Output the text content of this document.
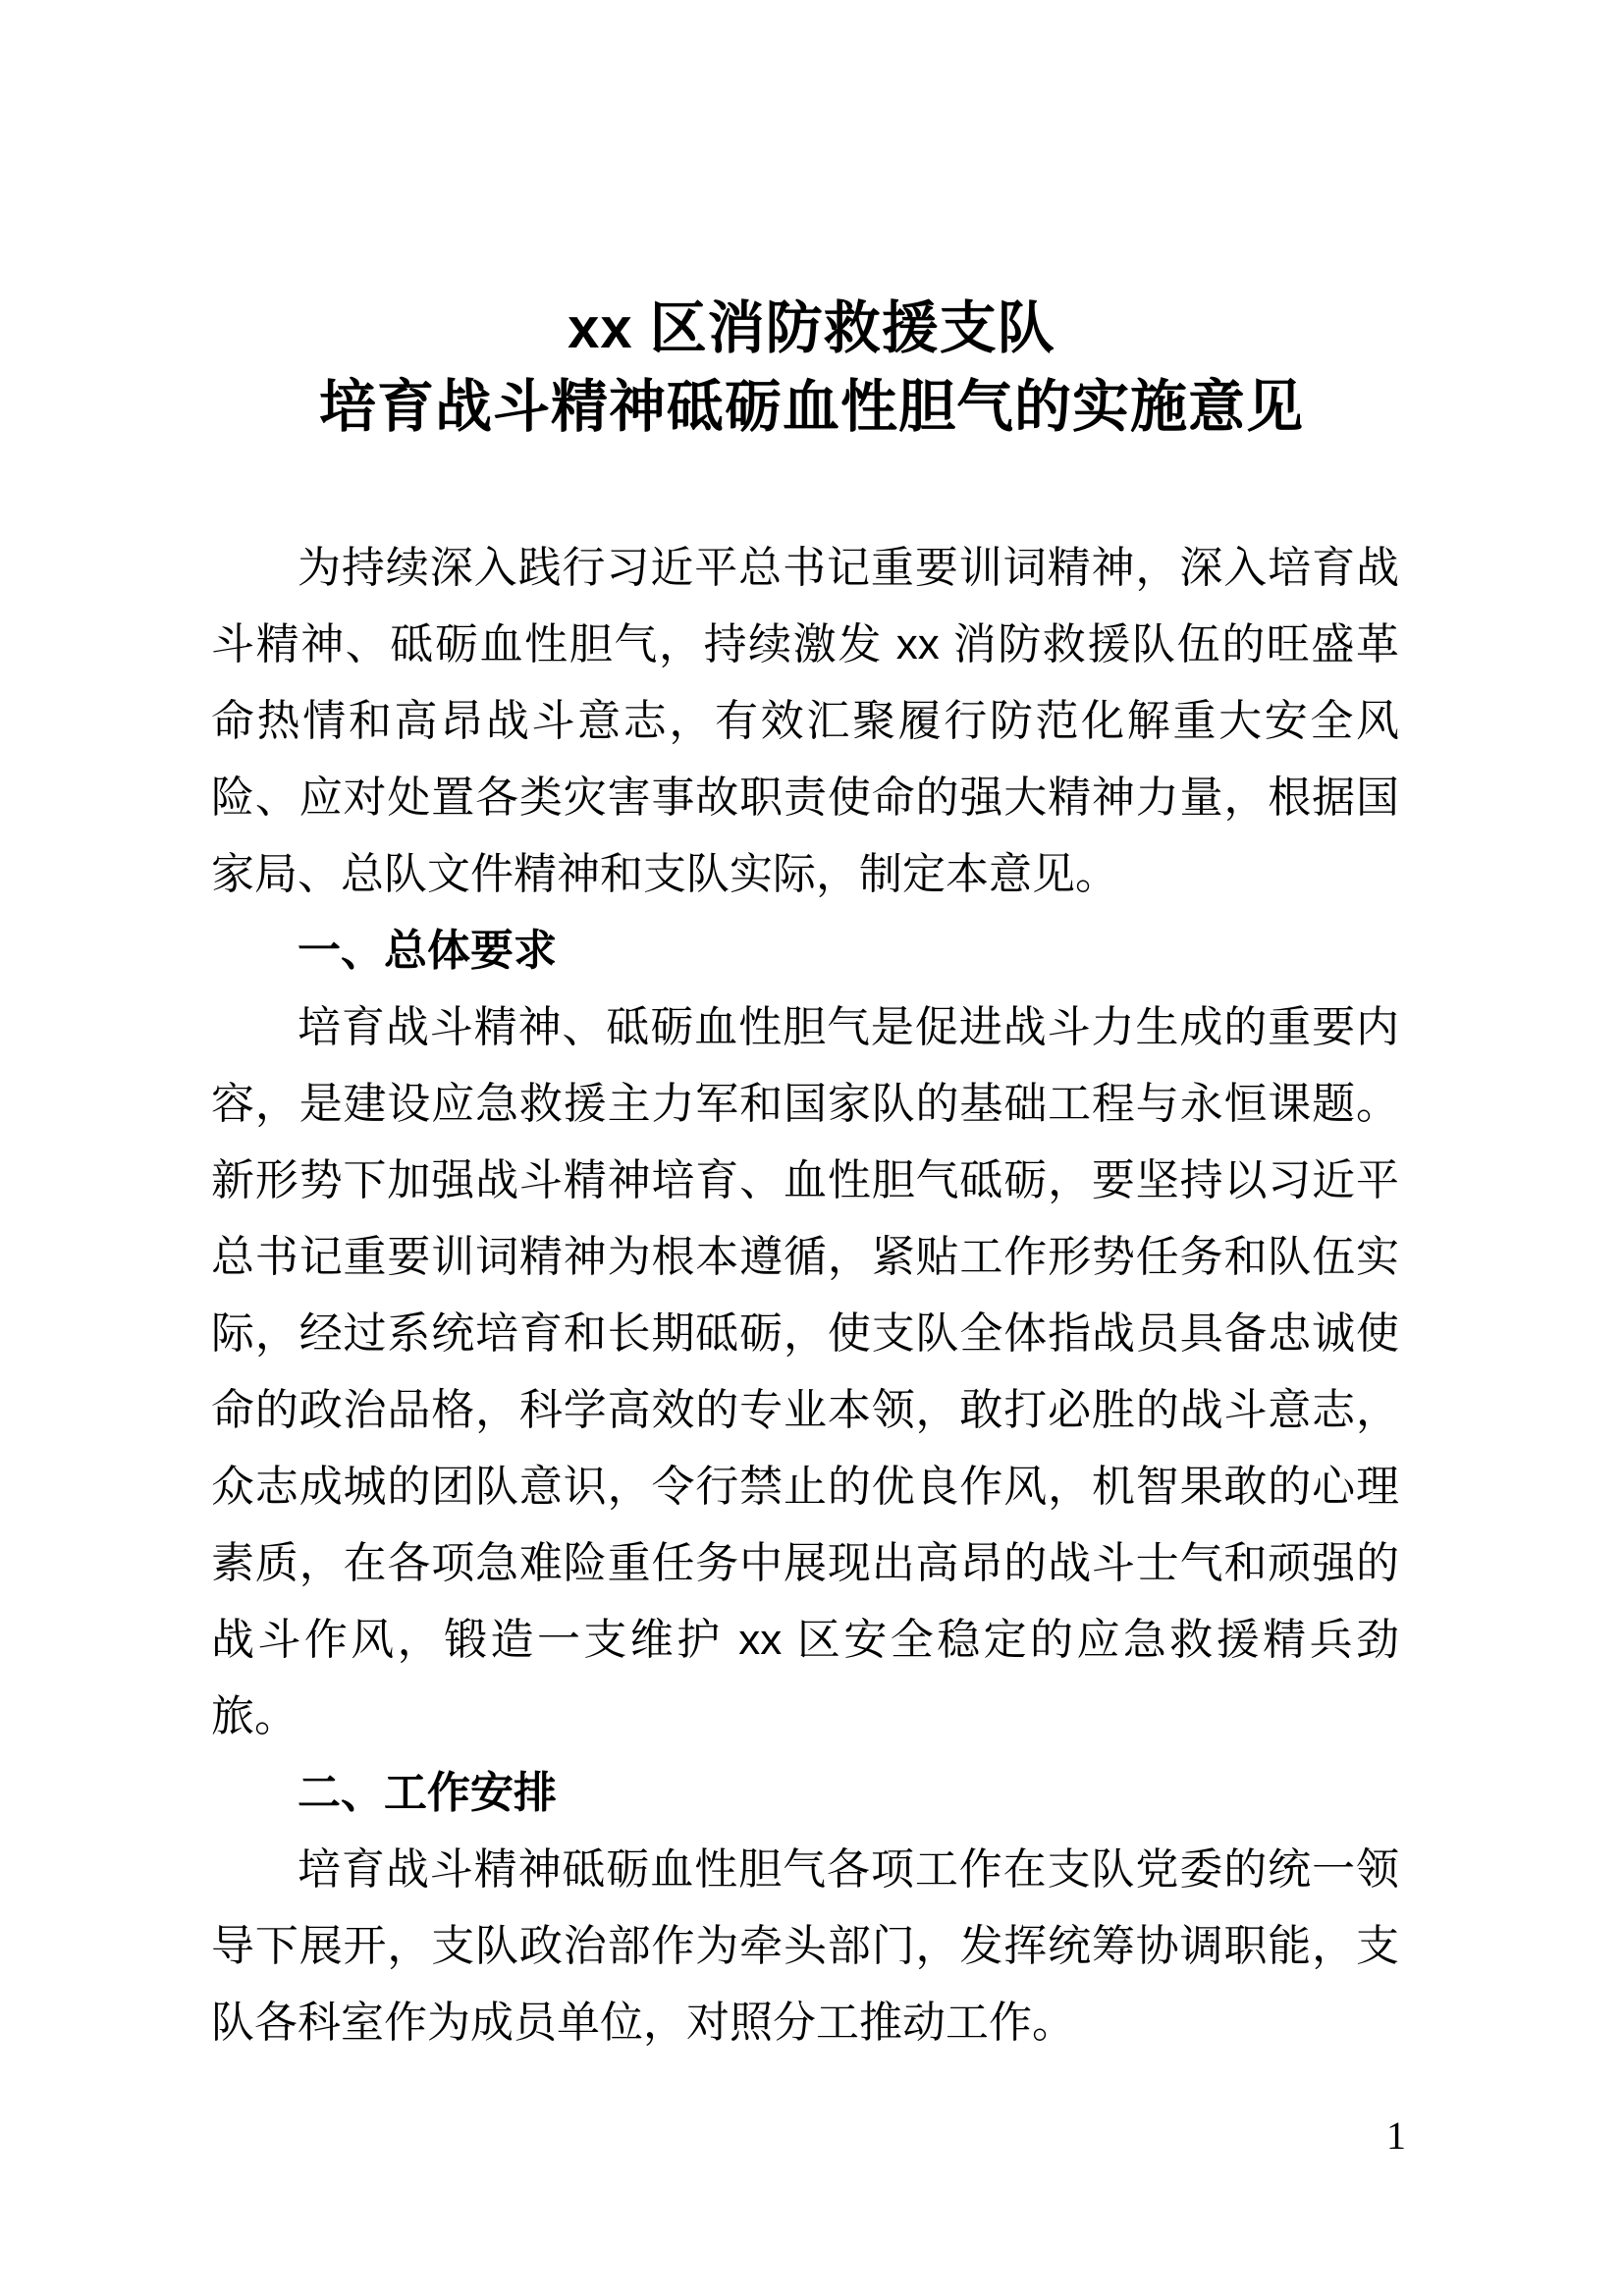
xx 区消防救援支队
培育战斗精神砥砺血性胆气的实施意见

为持续深入践行习近平总书记重要训词精神，深入培育战斗精神、砥砺血性胆气，持续激发 xx 消防救援队伍的旺盛革命热情和高昂战斗意志，有效汇聚履行防范化解重大安全风险、应对处置各类灾害事故职责使命的强大精神力量，根据国家局、总队文件精神和支队实际，制定本意见。

一、总体要求

培育战斗精神、砥砺血性胆气是促进战斗力生成的重要内容，是建设应急救援主力军和国家队的基础工程与永恒课题。新形势下加强战斗精神培育、血性胆气砥砺，要坚持以习近平总书记重要训词精神为根本遵循，紧贴工作形势任务和队伍实际，经过系统培育和长期砥砺，使支队全体指战员具备忠诚使命的政治品格，科学高效的专业本领，敢打必胜的战斗意志，众志成城的团队意识，令行禁止的优良作风，机智果敢的心理素质，在各项急难险重任务中展现出高昂的战斗士气和顽强的战斗作风，锻造一支维护 xx 区安全稳定的应急救援精兵劲旅。

二、工作安排

培育战斗精神砥砺血性胆气各项工作在支队党委的统一领导下展开，支队政治部作为牵头部门，发挥统筹协调职能，支队各科室作为成员单位，对照分工推动工作。

1
